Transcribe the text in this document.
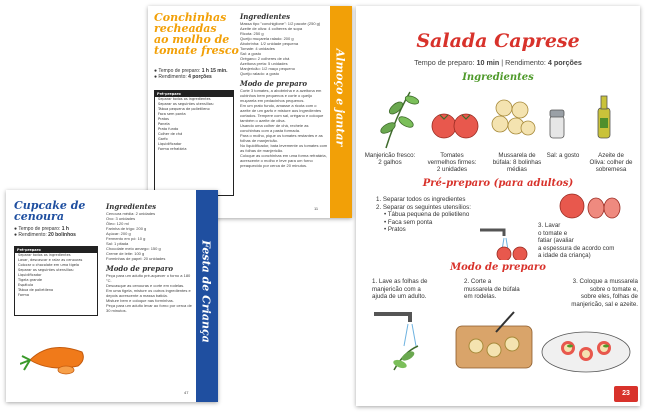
Conchinhas
recheadas
ao molho de
tomate fresco
● Tempo de preparo: 1 h 15 min.
● Rendimento: 4 porções
Pré-preparo
Separar todos os ingredientes
Separar os seguintes utensílios:
Tábua pequena de polietileno
Faca sem ponta
Pratos
Panela
Prato fundo
Colher de chá
Garfo
Liquidificador
Forma refratária
Ingredientes
Massa tipo "conchiglione": 1/2 pacote (250 g)
Azeite de oliva: 4 colheres de sopa
Ricota: 250 g
Queijo muçarela ralado: 200 g
Abobrinha: 1/2 unidade pequena
Tomate: 4 unidades
Sal: a gosto
Orégano: 2 colheres de chá
Azeitona preta: 5 unidades
Manjericão: 1/2 maço pequeno
Queijo ralado: a gosto
Modo de preparo
Corte 3 tomates, a abobrinha e a azeitona em cubinhos bem pequenos e corte o queijo muçarela em pedacinhos pequenos.
Em um prato fundo, amasse a ricota com o azeite de um garfo e misture aos ingredientes cortados. Tempere com sal, orégano e coloque também o azeite de oliva.
Usando uma colher de chá, recheie as conchinhas com a pasta formada.
Para o molho, pique os tomates restantes e as folhas de manjericão.
No liquidificador, bata levemente os tomates com as folhas de manjericão.
Coloque as conchinhas em uma forma refratária, acrescente o molho e leve para um forno preaquecido por cerca de 20 minutos.
Almoço e jantar
11
Cupcake de
cenoura
● Tempo de preparo: 1 h
● Rendimento: 20 bolinhos
Pré-preparo
Separar todos os ingredientes
Lavar, descascar e ralar as cenouras
Colocar o chocolate em uma tigela
Separar os seguintes utensílios:
Liquidificador
Tigela grande
Espátula
Tábua de polietileno
Forma
Ingredientes
Cenoura média: 2 unidades
Ovo: 3 unidades
Óleo: 120 ml
Farinha de trigo: 200 g
Açúcar: 200 g
Fermento em pó: 10 g
Sal: 1 pitada
Chocolate meio amargo: 150 g
Creme de leite: 100 g
Forminhas de papel: 20 unidades
Modo de preparo
Peça para um adulto pré-aquecer o forno a 180 °C.
Descasque as cenouras e corte em rodelas.
Em uma tigela, misture os outros ingredientes e depois acrescente a massa batida.
Misture bem e coloque nas forminhas.
Peça para um adulto levar ao forno por cerca de 30 minutos.	Festa de Criança
47
Salada Caprese
Tempo de preparo: 10 min | Rendimento: 4 porções
Ingredientes
Manjericão fresco:
2 galhos
Tomates
vermelhos firmes:
2 unidades
Mussarela de
búfala: 8 bolinhas
médias
Sal: a gosto	Azeite de
Oliva: colher de
sobremesa
Pré-preparo (para adultos)
1. Separar todos os ingredientes
2. Separar os seguintes utensílios:
• Tábua pequena de polietileno
• Faca sem ponta
• Pratos
3. Lavar
o tomate e
fatiar (avaliar
a espessura de acordo com
a idade da criança)
Modo de preparo
1. Lave as folhas de
manjericão com a
ajuda de um adulto.
2. Corte a
mussarela de búfala
em rodelas.
3. Coloque a mussarela
sobre o tomate e,
sobre eles, folhas de
manjericão, sal e azeite.
23
